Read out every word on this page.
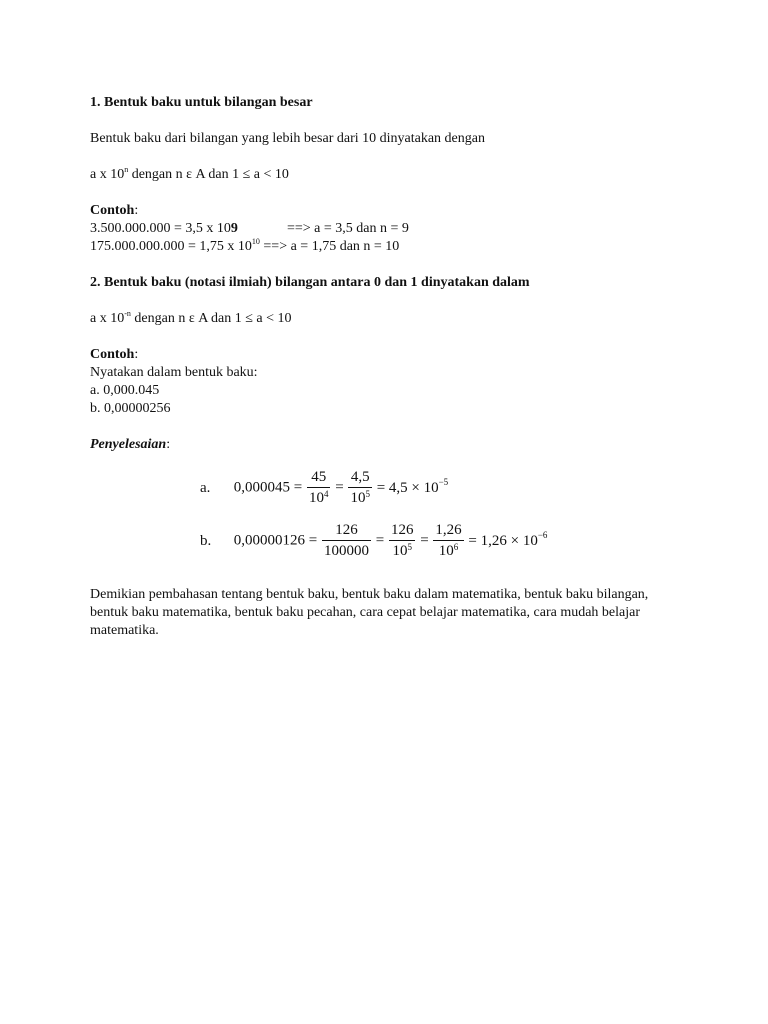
1. Bentuk baku untuk bilangan besar
Bentuk baku dari bilangan yang lebih besar dari 10 dinyatakan dengan
a x 10$^n$ dengan n ε A dan 1 ≤ a < 10
Contoh:
3.500.000.000 = 3,5 x 109	==> a = 3,5 dan n = 9
175.000.000.000 = 1,75 x $10^{10}$ ==> a = 1,75 dan n = 10
2. Bentuk baku (notasi ilmiah) bilangan antara 0 dan 1 dinyatakan dalam
a x $10^{-n}$ dengan n ε A dan 1 ≤ a < 10
Contoh:
Nyatakan dalam bentuk baku:
a. 0,000.045
b. 0,00000256
Penyelesaian:
a. $0,000045 = \frac{45}{10^4} = \frac{4,5}{10^5} = 4,5 \times 10^{-5}$
b. $0,00000126 = \frac{126}{100000} = \frac{126}{10^5} = \frac{1,26}{10^6} = 1,26 \times 10^{-6}$
Demikian pembahasan tentang bentuk baku, bentuk baku dalam matematika, bentuk baku bilangan, bentuk baku matematika, bentuk baku pecahan, cara cepat belajar matematika, cara mudah belajar matematika.
